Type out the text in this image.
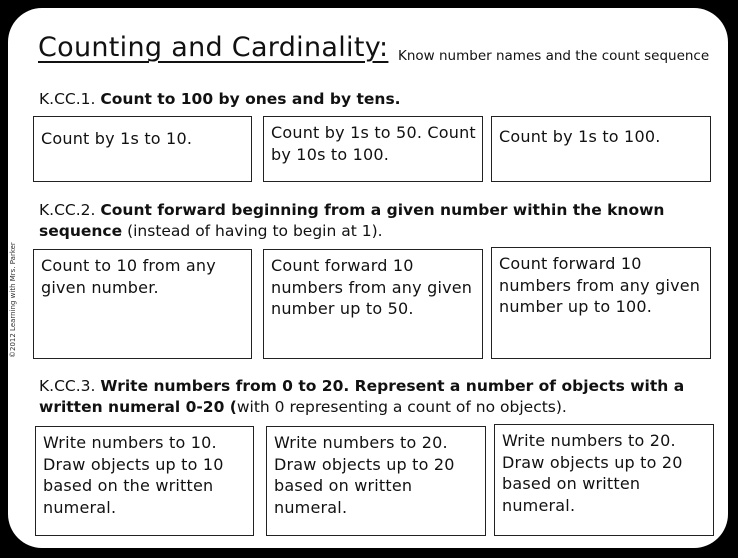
Counting and Cardinality: Know number names and the count sequence
©2012 Learning with Mrs. Parker
K.CC.1. Count to 100 by ones and by tens.
Count by 1s to 10.	Count by 1s to 50. Count by 10s to 100.
Count by 1s to 100.
K.CC.2. Count forward beginning from a given number within the known sequence (instead of having to begin at 1).
Count to 10 from any given number.
Count forward 10 numbers from any given number up to 50.
Count forward 10 numbers from any given number up to 100.
K.CC.3. Write numbers from 0 to 20. Represent a number of objects with a written numeral 0-20 (with 0 representing a count of no objects).
Write numbers to 10. Draw objects up to 10 based on the written numeral.
Write numbers to 20. Draw objects up to 20 based on written numeral.
Write numbers to 20. Draw objects up to 20 based on written numeral.
